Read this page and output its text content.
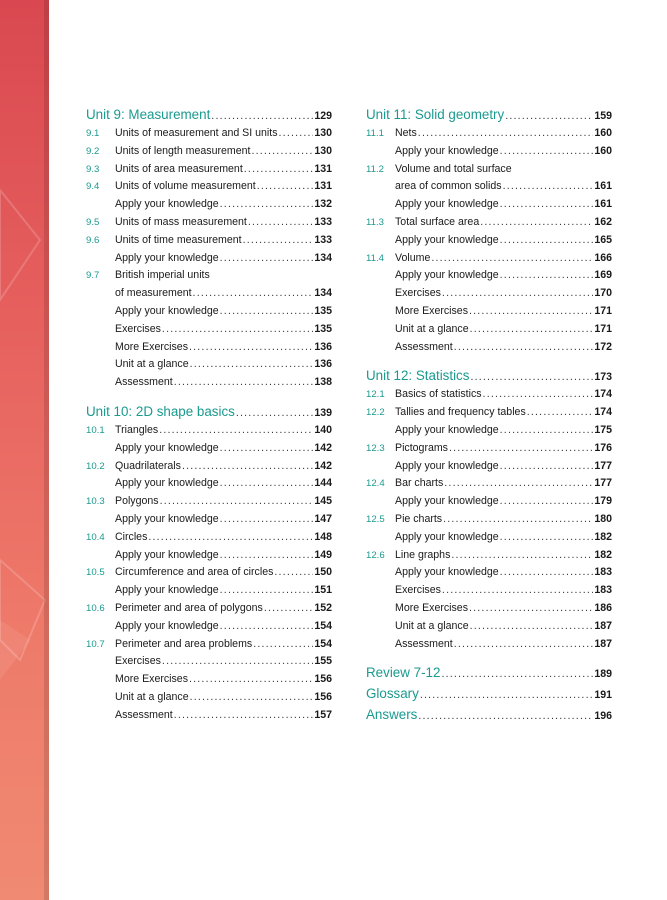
Unit 9: Measurement .....	129
9.1	Units of measurement and SI units .....	130
9.2	Units of length measurement .....	130
9.3	Units of area measurement .....	131
9.4	Units of volume measurement .....	131
Apply your knowledge .....	132
9.5	Units of mass measurement .....	133
9.6	Units of time measurement .....	133
Apply your knowledge .....	134
9.7	British imperial units
of measurement .....	134
Apply your knowledge .....	135
Exercises .....	135
More Exercises .....	136
Unit at a glance .....	136
Assessment .....	138
Unit 10: 2D shape basics .....	139
10.1 Triangles .....	140
Apply your knowledge .....	142
10.2 Quadrilaterals .....	142
Apply your knowledge .....	144
10.3 Polygons .....	145
Apply your knowledge .....	147
10.4 Circles .....	148
Apply your knowledge .....	149
10.5 Circumference and area of circles .....	150
Apply your knowledge .....	151
10.6 Perimeter and area of polygons .....	152
Apply your knowledge .....	154
10.7 Perimeter and area problems .....	154
Exercises .....	155
More Exercises .....	156
Unit at a glance .....	156
Assessment .....	157
Unit 11: Solid geometry .....	159
11.1	Nets .....	160
Apply your knowledge .....	160
11.2	Volume and total surface
area of common solids .....	161
Apply your knowledge .....	161
11.3	Total surface area .....	162
Apply your knowledge .....	165
11.4	Volume .....	166
Apply your knowledge .....	169
Exercises .....	170
More Exercises .....	171
Unit at a glance .....	171
Assessment .....	172
Unit 12: Statistics .....	173
12.1 Basics of statistics .....	174
12.2 Tallies and frequency tables .....	174
Apply your knowledge .....	175
12.3 Pictograms .....	176
Apply your knowledge .....	177
12.4 Bar charts .....	177
Apply your knowledge .....	179
12.5 Pie charts .....	180
Apply your knowledge .....	182
12.6 Line graphs .....	182
Apply your knowledge .....	183
Exercises .....	183
More Exercises .....	186
Unit at a glance .....	187
Assessment .....	187
Review 7-12 .....	189
Glossary .....	191
Answers .....	196
